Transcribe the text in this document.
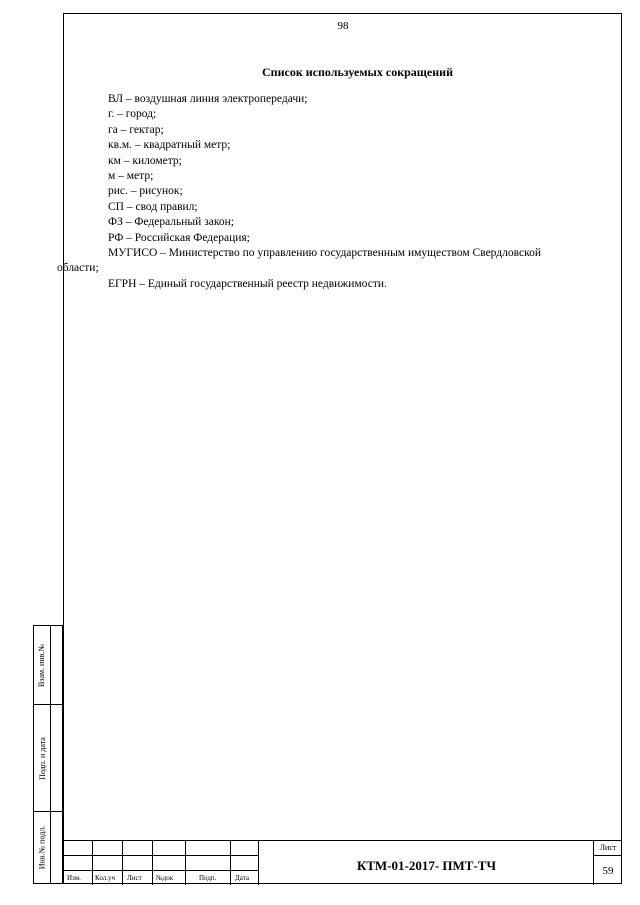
98
Список используемых сокращений

ВЛ – воздушная линия электропередачи;

г. – город;

га – гектар;

кв.м. – квадратный метр;

км – километр;

м – метр;

рис. – рисунок;

СП – свод правил;

ФЗ – Федеральный закон;

РФ – Российская Федерация;

МУГИСО – Министерство по управлению государственным имуществом Свердловской

области;

ЕГРН – Единый государственный реестр недвижимости.

Взам. инв.№
Подп. и дата
Инв.№ подл.
Изм. Кол.уч Лист №док	Подп.	Дата
КТМ-01-2017- ПМТ-ТЧ
Лист
59
